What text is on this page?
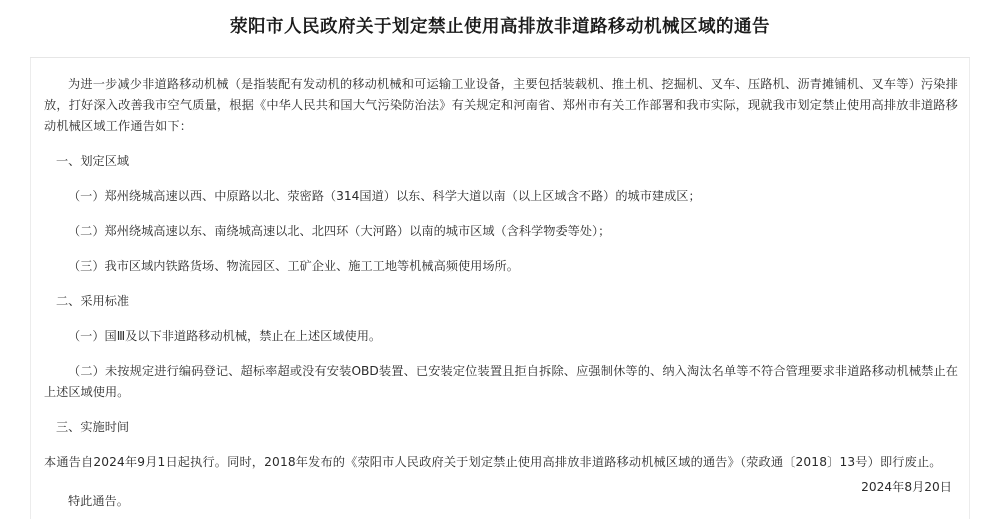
荥阳市人民政府关于划定禁止使用高排放非道路移动机械区域的通告

为进一步减少非道路移动机械（是指装配有发动机的移动机械和可运输工业设备，主要包括装载机、推土机、挖掘机、叉车、压路机、沥青摊铺机、叉车等）污染排放，打好深入改善我市空气质量，根据《中华人民共和国大气污染防治法》有关规定和河南省、郑州市有关工作部署和我市实际，现就我市划定禁止使用高排放非道路移动机械区域工作通告如下：

一、划定区域

（一）郑州绕城高速以西、中原路以北、荥密路（314国道）以东、科学大道以南（以上区域含不路）的城市建成区；

（二）郑州绕城高速以东、南绕城高速以北、北四环（大河路）以南的城市区域（含科学物委等处）；

（三）我市区域内铁路货场、物流园区、工矿企业、施工工地等机械高频使用场所。

二、采用标准

（一）国Ⅲ及以下非道路移动机械，禁止在上述区域使用。

（二）未按规定进行编码登记、超标率超或没有安装OBD装置、已安装定位装置且拒自拆除、应强制休等的、纳入淘汰名单等不符合管理要求非道路移动机械禁止在上述区域使用。

三、实施时间

本通告自2024年9月1日起执行。同时，2018年发布的《荥阳市人民政府关于划定禁止使用高排放非道路移动机械区域的通告》（荥政通〔2018〕13号）即行废止。

特此通告。

2024年8月20日
